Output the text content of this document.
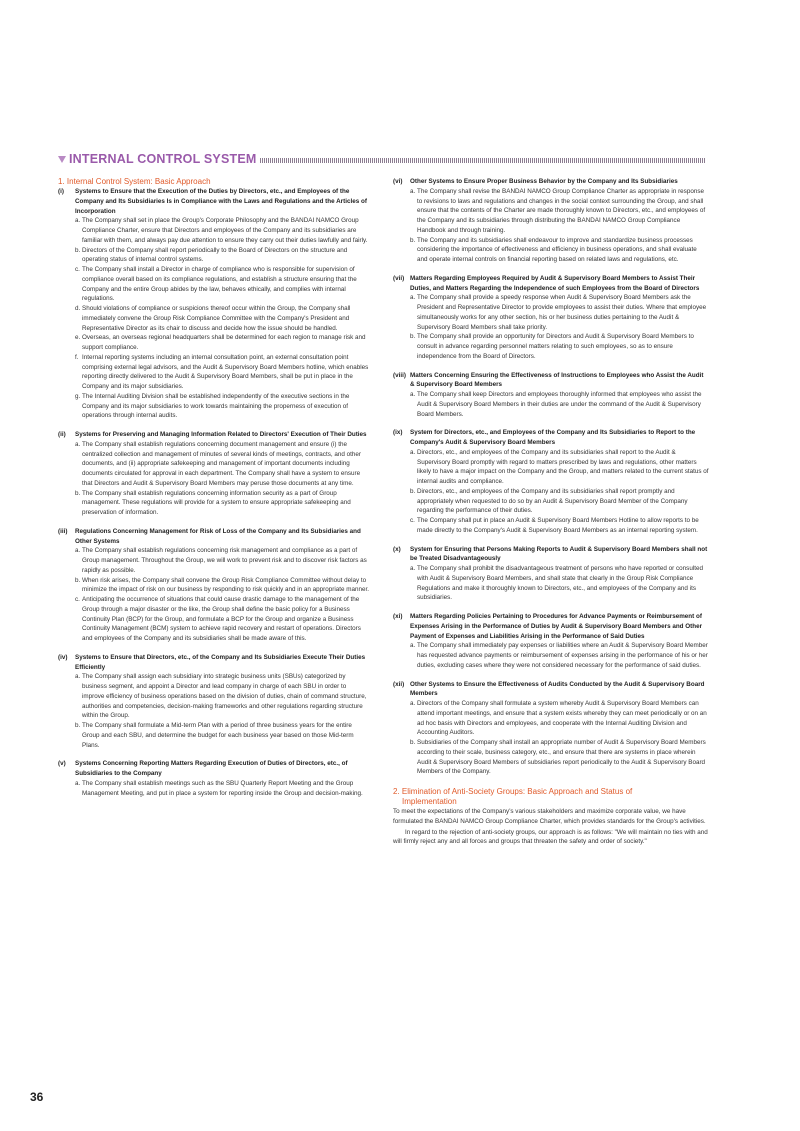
INTERNAL CONTROL SYSTEM
1. Internal Control System: Basic Approach
(i)	Systems to Ensure that the Execution of the Duties by Directors, etc., and Employees of the Company and Its Subsidiaries Is in Compliance with the Laws and Regulations and the Articles of Incorporation
a. The Company shall set in place the Group's Corporate Philosophy and the BANDAI NAMCO Group Compliance Charter, ensure that Directors and employees of the Company and its subsidiaries are familiar with them, and always pay due attention to ensure they carry out their duties lawfully and fairly.
b. Directors of the Company shall report periodically to the Board of Directors on the structure and operating status of internal control systems.
c. The Company shall install a Director in charge of compliance who is responsible for supervision of compliance overall based on its compliance regulations, and establish a structure ensuring that the Company and the entire Group abides by the law, behaves ethically, and complies with internal regulations.
d. Should violations of compliance or suspicions thereof occur within the Group, the Company shall immediately convene the Group Risk Compliance Committee with the Company's President and Representative Director as its chair to discuss and decide how the issue should be handled.
e. Overseas, an overseas regional headquarters shall be determined for each region to manage risk and support compliance.
f. Internal reporting systems including an internal consultation point, an external consultation point comprising external legal advisors, and the Audit & Supervisory Board Members hotline, which enables reporting directly delivered to the Audit & Supervisory Board Members, shall be put in place in the Company and its major subsidiaries.
g. The Internal Auditing Division shall be established independently of the executive sections in the Company and its major subsidiaries to work towards maintaining the properness of execution of operations through internal audits.
(ii)	Systems for Preserving and Managing Information Related to Directors' Execution of Their Duties
a. The Company shall establish regulations concerning document management and ensure (i) the centralized collection and management of minutes of several kinds of meetings, contracts, and other documents, and (ii) appropriate safekeeping and management of important documents including documents circulated for approval in each department. The Company shall have a system to ensure that Directors and Audit & Supervisory Board Members may peruse those documents at any time.
b. The Company shall establish regulations concerning information security as a part of Group management. These regulations will provide for a system to ensure appropriate safekeeping and preservation of information.
(iii)	Regulations Concerning Management for Risk of Loss of the Company and Its Subsidiaries and Other Systems
a. The Company shall establish regulations concerning risk management and compliance as a part of Group management. Throughout the Group, we will work to prevent risk and to discover risk factors as rapidly as possible.
b. When risk arises, the Company shall convene the Group Risk Compliance Committee without delay to minimize the impact of risk on our business by responding to risk quickly and in an appropriate manner.
c. Anticipating the occurrence of situations that could cause drastic damage to the management of the Group through a major disaster or the like, the Group shall define the basic policy for a Business Continuity Plan (BCP) for the Group, and formulate a BCP for the Group and organize a Business Continuity Management (BCM) system to achieve rapid recovery and restart of operations. Directors and employees of the Company and its subsidiaries shall be made aware of this.
(iv)	Systems to Ensure that Directors, etc., of the Company and Its Subsidiaries Execute Their Duties Efficiently
a. The Company shall assign each subsidiary into strategic business units (SBUs) categorized by business segment, and appoint a Director and lead company in charge of each SBU in order to improve efficiency of business operations based on the division of duties, chain of command structure, authorities and competencies, decision-making frameworks and other regulations regarding structure within the Group.
b. The Company shall formulate a Mid-term Plan with a period of three business years for the entire Group and each SBU, and determine the budget for each business year based on those Mid-term Plans.
(v)	Systems Concerning Reporting Matters Regarding Execution of Duties of Directors, etc., of Subsidiaries to the Company
a. The Company shall establish meetings such as the SBU Quarterly Report Meeting and the Group Management Meeting, and put in place a system for reporting inside the Group and decision-making.
(vi)	Other Systems to Ensure Proper Business Behavior by the Company and Its Subsidiaries
a. The Company shall revise the BANDAI NAMCO Group Compliance Charter as appropriate in response to revisions to laws and regulations and changes in the social context surrounding the Group, and shall ensure that the contents of the Charter are made thoroughly known to Directors, etc., and employees of the Company and its subsidiaries through distributing the BANDAI NAMCO Group Compliance Handbook and through training.
b. The Company and its subsidiaries shall endeavour to improve and standardize business processes considering the importance of effectiveness and efficiency in business operations, and shall evaluate and operate internal controls on financial reporting based on related laws and regulations, etc.
(vii) Matters Regarding Employees Required by Audit & Supervisory Board Members to Assist Their Duties, and Matters Regarding the Independence of such Employees from the Board of Directors
a. The Company shall provide a speedy response when Audit & Supervisory Board Members ask the President and Representative Director to provide employees to assist their duties. Where that employee simultaneously works for any other section, his or her business duties pertaining to the Audit & Supervisory Board Members shall take priority.
b. The Company shall provide an opportunity for Directors and Audit & Supervisory Board Members to consult in advance regarding personnel matters relating to such employees, so as to ensure independence from the Board of Directors.
(viii) Matters Concerning Ensuring the Effectiveness of Instructions to Employees who Assist the Audit & Supervisory Board Members
a. The Company shall keep Directors and employees thoroughly informed that employees who assist the Audit & Supervisory Board Members in their duties are under the command of the Audit & Supervisory Board Members.
(ix)	System for Directors, etc., and Employees of the Company and Its Subsidiaries to Report to the Company's Audit & Supervisory Board Members
a. Directors, etc., and employees of the Company and its subsidiaries shall report to the Audit & Supervisory Board promptly with regard to matters prescribed by laws and regulations, other matters likely to have a major impact on the Company and the Group, and matters related to the current status of internal audits and compliance.
b. Directors, etc., and employees of the Company and its subsidiaries shall report promptly and appropriately when requested to do so by an Audit & Supervisory Board Member of the Company regarding the performance of their duties.
c. The Company shall put in place an Audit & Supervisory Board Members Hotline to allow reports to be made directly to the Company's Audit & Supervisory Board Members as an internal reporting system.
(x)	System for Ensuring that Persons Making Reports to Audit & Supervisory Board Members shall not be Treated Disadvantageously
a. The Company shall prohibit the disadvantageous treatment of persons who have reported or consulted with Audit & Supervisory Board Members, and shall state that clearly in the Group Risk Compliance Regulations and make it thoroughly known to Directors, etc., and employees of the Company and its subsidiaries.
(xi)	Matters Regarding Policies Pertaining to Procedures for Advance Payments or Reimbursement of Expenses Arising in the Performance of Duties by Audit & Supervisory Board Members and Other Payment of Expenses and Liabilities Arising in the Performance of Said Duties
a. The Company shall immediately pay expenses or liabilities where an Audit & Supervisory Board Member has requested advance payments or reimbursement of expenses arising in the performance of his or her duties, excluding cases where they were not considered necessary for the performance of said duties.
(xii) Other Systems to Ensure the Effectiveness of Audits Conducted by the Audit & Supervisory Board Members
a. Directors of the Company shall formulate a system whereby Audit & Supervisory Board Members can attend important meetings, and ensure that a system exists whereby they can meet periodically or on an ad hoc basis with Directors and employees, and cooperate with the Internal Auditing Division and Accounting Auditors.
b. Subsidiaries of the Company shall install an appropriate number of Audit & Supervisory Board Members according to their scale, business category, etc., and ensure that there are systems in place wherein Audit & Supervisory Board Members of subsidiaries report periodically to the Audit & Supervisory Board Members of the Company.
2. Elimination of Anti-Society Groups: Basic Approach and Status of
Implementation
To meet the expectations of the Company's various stakeholders and maximize corporate value, we have formulated the BANDAI NAMCO Group Compliance Charter, which provides standards for the Group's activities.
In regard to the rejection of anti-society groups, our approach is as follows: "We will maintain no ties with and will firmly reject any and all forces and groups that threaten the safety and order of society."
36
